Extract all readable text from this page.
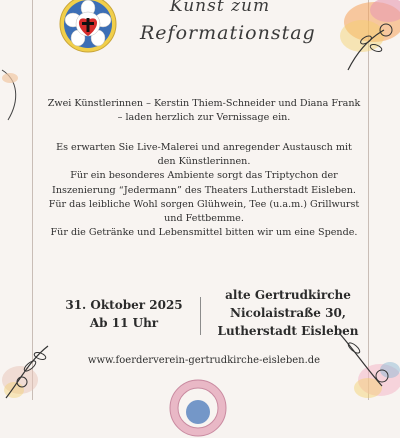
Kunst zum
Reformationstag
Zwei Künstlerinnen – Kerstin Thiem-Schneider und Diana Frank – laden herzlich zur Vernissage ein.

Es erwarten Sie Live-Malerei und anregender Austausch mit den Künstlerinnen.

Für ein besonderes Ambiente sorgt das Triptychon der Inszenierung “Jedermann” des Theaters Lutherstadt Eisleben.

Für das leibliche Wohl sorgen Glühwein, Tee (u.a.m.) Grillwurst und Fettbemme.

Für die Getränke und Lebensmittel bitten wir um eine Spende.

31. Oktober 2025
Ab 11 Uhr
alte Gertrudkirche
Nicolaistraße 30,
Lutherstadt Eisleben
www.foerderverein-gertrudkirche-eisleben.de
